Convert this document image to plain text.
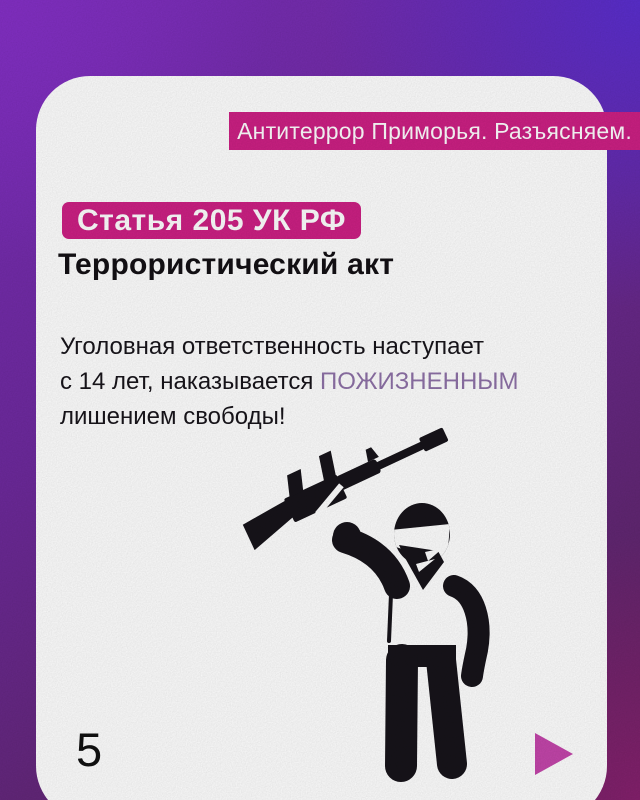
Антитеррор Приморья. Разъясняем.
Статья 205 УК РФ
Террористический акт
Уголовная ответственность наступает
с 14 лет, наказывается ПОЖИЗНЕННЫМ
лишением свободы!
5
